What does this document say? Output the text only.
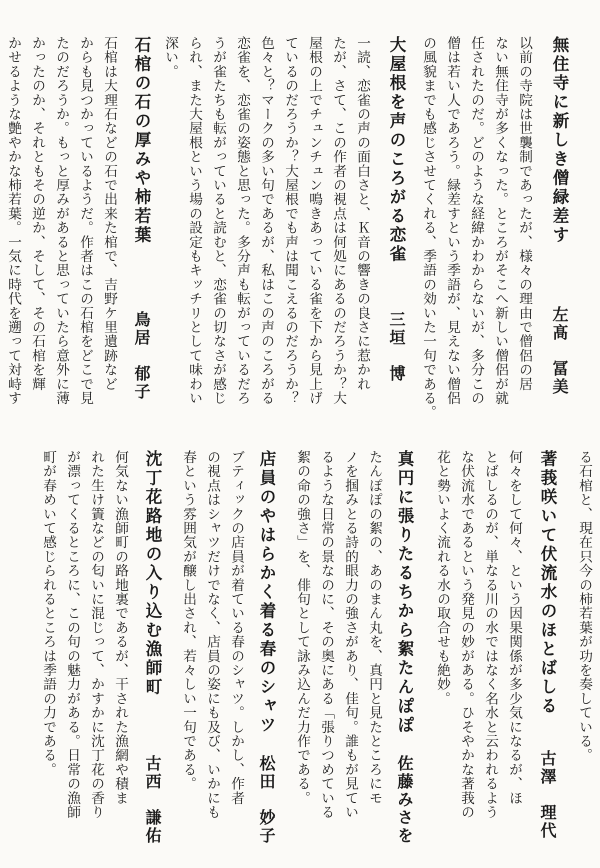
無住寺に新しき僧緑差す
左髙　冨美
以前の寺院は世襲制であったが、様々の理由で僧侶の居
ない無住寺が多くなった。ところがそこへ新しい僧侶が就
任されたのだ。どのような経緯かわからないが、多分この
僧は若い人であろう。緑差すという季語が、見えない僧侶
の風貌までも感じさせてくれる、季語の効いた一句である。
大屋根を声のころがる恋雀
三垣　博
一読、恋雀の声の面白さと、Ｋ音の響きの良さに惹かれ
たが、さて、この作者の視点は何処にあるのだろうか？大
屋根の上でチュンチュン鳴きあっている雀を下から見上げ
ているのだろうか？大屋根でも声は聞こえるのだろうか？
色々と？マークの多い句であるが、私はこの声のころがる
恋雀を、恋雀の姿態と思った。多分声も転がっているだろ
うが雀たちも転がっていると読むと、恋雀の切なさが感じ
られ、また大屋根という場の設定もキッチリとして味わい
深い。
石棺の石の厚みや柿若葉
鳥居　郁子
石棺は大理石などの石で出来た棺で、吉野ケ里遺跡など
からも見つかっているようだ。作者はこの石棺をどこで見
たのだろうか。もっと厚みがあると思っていたら意外に薄
かったのか、それともその逆か、そして、その石棺を輝
かせるような艶やかな柿若葉。一気に時代を遡って対峙す
る石棺と、現在只今の柿若葉が功を奏している。
著莪咲いて伏流水のほとばしる
古澤　理代
何々をして何々、という因果関係が多少気になるが、ほ
とばしるのが、単なる川の水ではなく名水と云われるよう
な伏流水であるという発見の妙がある。ひそやかな著莪の
花と勢いよく流れる水の取合せも絶妙。
真円に張りたるちから絮たんぽぽ
佐藤みさを
たんぽぽの絮の、あのまん丸を、真円と見たところにモ
ノを掴みとる詩的眼力の強さがあり、佳句。誰もが見てい
るような日常の景なのに、その奥にある「張りつめている
絮の命の強さ」を、俳句として詠み込んだ力作である。
店員のやはらかく着る春のシャツ
松田　妙子
ブティックの店員が着ている春のシャツ。しかし、作者
の視点はシャツだけでなく、店員の姿にも及び、いかにも
春という雰囲気が醸し出され、若々しい一句である。
沈丁花路地の入り込む漁師町
古西　謙佑
何気ない漁師町の路地裏であるが、干された漁網や積ま
れた生け簀などの匂いに混じって、かすかに沈丁花の香り
が漂ってくるところに、この句の魅力がある。日常の漁師
町が春めいて感じられるところは季語の力である。
